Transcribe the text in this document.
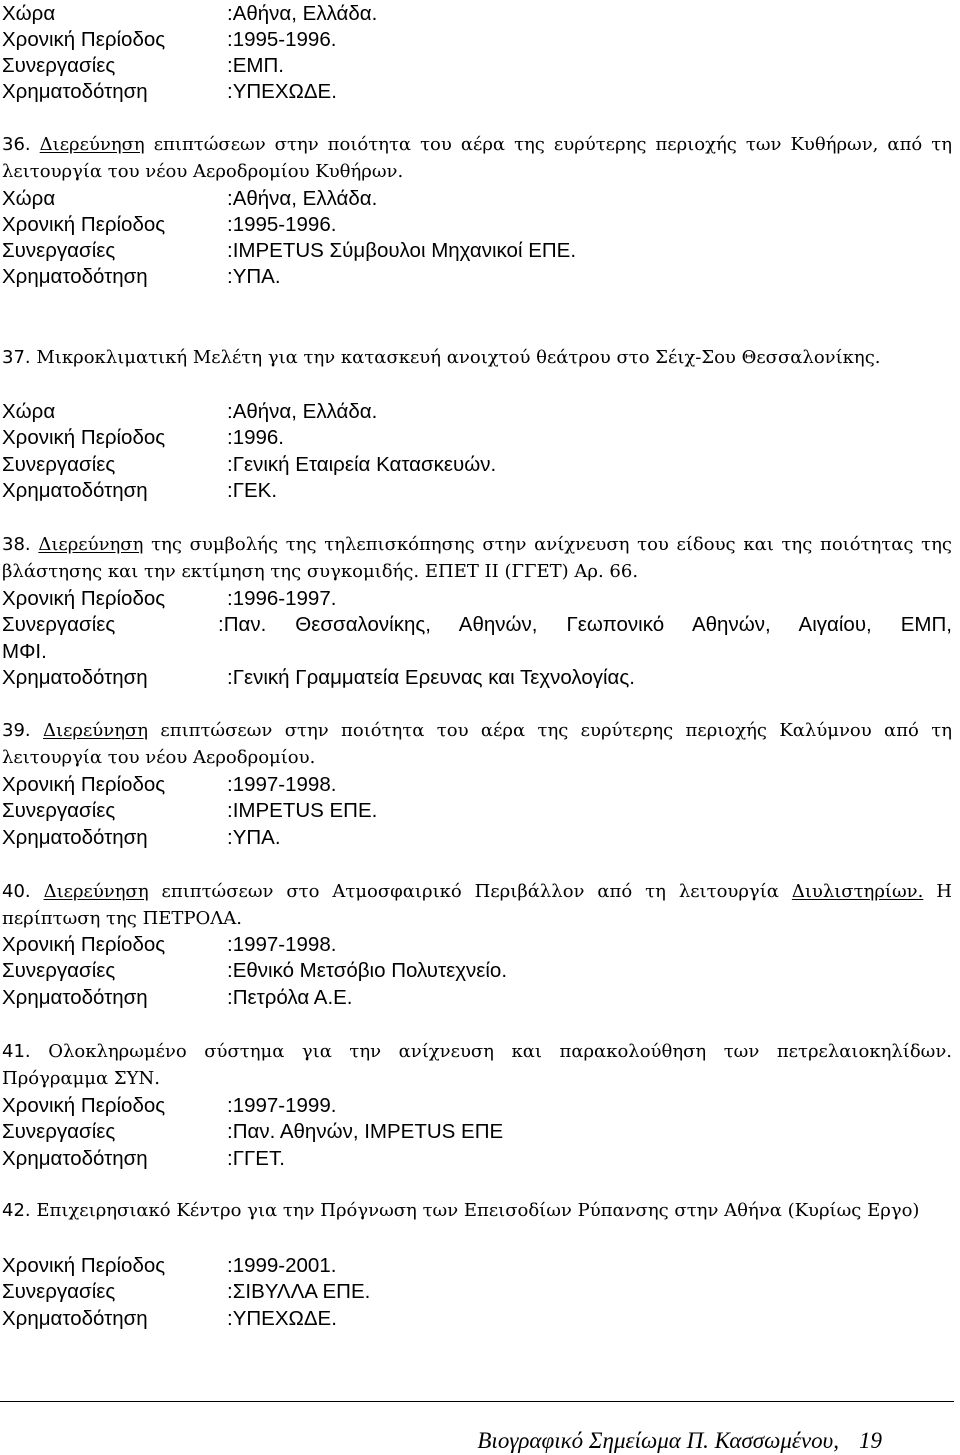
Χώρα	:Αθήνα, Ελλάδα.
Χρονική Περίοδος	:1995-1996.
Συνεργασίες	:ΕΜΠ.
Χρηματοδότηση	:ΥΠΕΧΩΔΕ.
36. Διερεύνηση επιπτώσεων στην ποιότητα του αέρα της ευρύτερης περιοχής των Κυθήρων, από τη λειτουργία του νέου Αεροδρομίου Κυθήρων.
Χώρα	:Αθήνα, Ελλάδα.
Χρονική Περίοδος	:1995-1996.
Συνεργασίες	:IMPETUS Σύμβουλοι Μηχανικοί ΕΠΕ.
Χρηματοδότηση	:ΥΠΑ.
37. Μικροκλιματική Μελέτη για την κατασκευή ανοιχτού θεάτρου στο Σέιχ-Σου Θεσσαλονίκης.
Χώρα	:Αθήνα, Ελλάδα.
Χρονική Περίοδος	:1996.
Συνεργασίες	:Γενική Εταιρεία Κατασκευών.
Χρηματοδότηση	:ΓΕΚ.
38. Διερεύνηση της συμβολής της τηλεπισκόπησης στην ανίχνευση του είδους και της ποιότητας της βλάστησης και την εκτίμηση της συγκομιδής. ΕΠΕΤ ΙΙ (ΓΓΕΤ) Αρ. 66.
Χρονική Περίοδος	:1996-1997.
Συνεργασίες	:Παν. Θεσσαλονίκης, Αθηνών, Γεωπονικό Αθηνών, Αιγαίου, ΕΜΠ,
ΜΦΙ.
Χρηματοδότηση	:Γενική Γραμματεία Ερευνας και Τεχνολογίας.
39. Διερεύνηση επιπτώσεων στην ποιότητα του αέρα της ευρύτερης περιοχής Καλύμνου από τη λειτουργία του νέου Αεροδρομίου.
Χρονική Περίοδος	:1997-1998.
Συνεργασίες	:IMPETUS ΕΠΕ.
Χρηματοδότηση	:ΥΠΑ.
40. Διερεύνηση επιπτώσεων στο Ατμοσφαιρικό Περιβάλλον από τη λειτουργία Διυλιστηρίων. Η περίπτωση της ΠΕΤΡΟΛΑ.
Χρονική Περίοδος	:1997-1998.
Συνεργασίες	:Εθνικό Μετσόβιο Πολυτεχνείο.
Χρηματοδότηση	:Πετρόλα Α.Ε.
41. Ολοκληρωμένο σύστημα για την ανίχνευση και παρακολούθηση των πετρελαιοκηλίδων. Πρόγραμμα ΣΥΝ.
Χρονική Περίοδος	:1997-1999.
Συνεργασίες	:Παν. Αθηνών, IMPETUS ΕΠΕ
Χρηματοδότηση	:ΓΓΕΤ.
42. Επιχειρησιακό Κέντρο για την Πρόγνωση των Επεισοδίων Ρύπανσης στην Αθήνα (Κυρίως Εργο)
Χρονική Περίοδος	:1999-2001.
Συνεργασίες	:ΣΙΒΥΛΛΑ ΕΠΕ.
Χρηματοδότηση	:ΥΠΕΧΩΔΕ.
Βιογραφικό Σημείωμα Π. Κασσωμένου, 19
